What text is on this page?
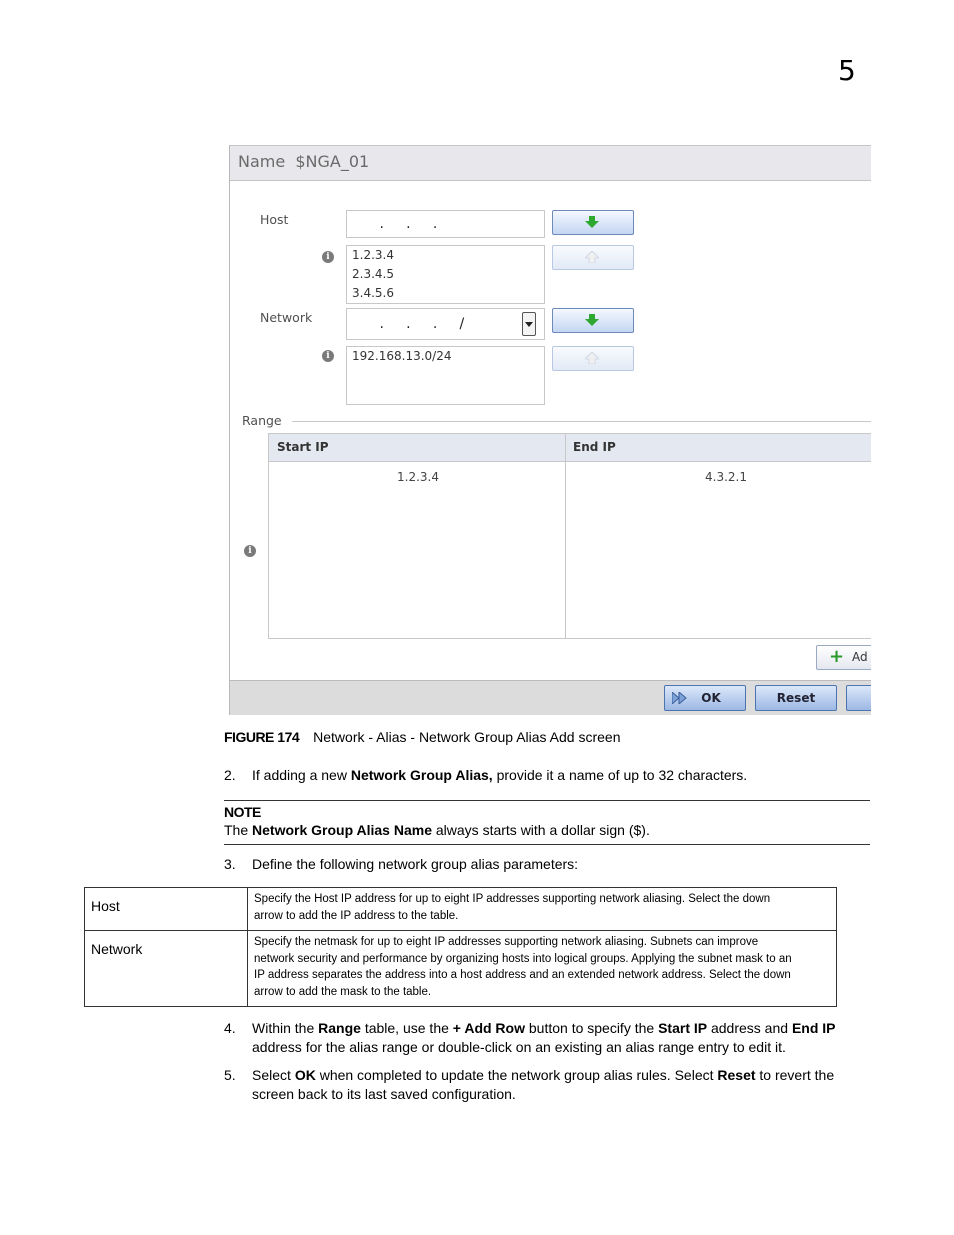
5
Name $NGA_01
Host	.     .     .
i	1.2.3.4
2.3.4.5
3.4.5.6
Network	.     .     .     /
i	192.168.13.0/24
Range
i
Start IP	End IP
1.2.3.4	4.3.2.1
+ Ad
OK	Reset
FIGURE 174 Network - Alias - Network Group Alias Add screen
2. If adding a new Network Group Alias, provide it a name of up to 32 characters.
NOTE
The Network Group Alias Name always starts with a dollar sign ($).
3. Define the following network group alias parameters:
Host	Specify the Host IP address for up to eight IP addresses supporting network aliasing. Select the down
arrow to add the IP address to the table.

Network	Specify the netmask for up to eight IP addresses supporting network aliasing. Subnets can improve
network security and performance by organizing hosts into logical groups. Applying the subnet mask to an
IP address separates the address into a host address and an extended network address. Select the down
arrow to add the mask to the table.
4. Within the Range table, use the + Add Row button to specify the Start IP address and End IP
address for the alias range or double-click on an existing an alias range entry to edit it.
5. Select OK when completed to update the network group alias rules. Select Reset to revert the
screen back to its last saved configuration.
